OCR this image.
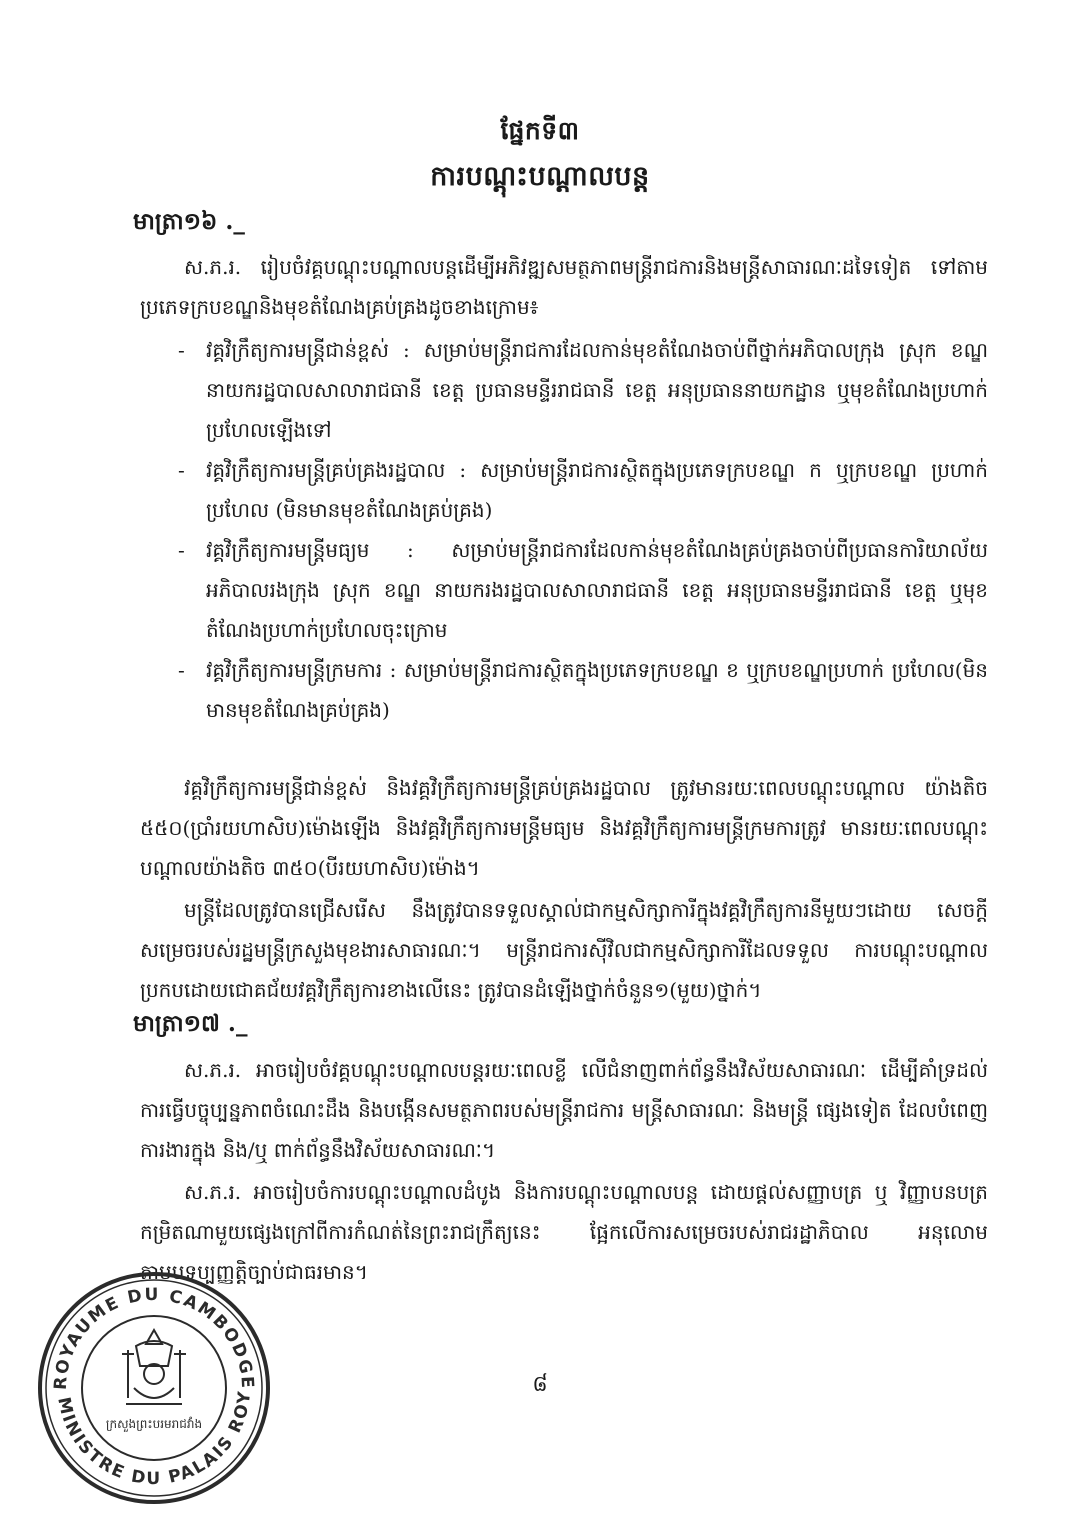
ផ្នែកទី៣
ការបណ្តុះបណ្តាលបន្ត
មាត្រា១៦ ._
ស.ភ.រ. រៀបចំវគ្គបណ្តុះបណ្តាលបន្តដើម្បីអភិវឌ្ឍសមត្ថភាពមន្ត្រីរាជការនិងមន្ត្រីសាធារណៈដទៃទៀត ទៅតាមប្រភេទក្របខណ្ឌនិងមុខតំណែងគ្រប់គ្រងដូចខាងក្រោម៖
-	វគ្គវិក្រឹត្យការមន្ត្រីជាន់ខ្ពស់ : សម្រាប់មន្ត្រីរាជការដែលកាន់មុខតំណែងចាប់ពីថ្នាក់អភិបាលក្រុង ស្រុក ខណ្ឌ នាយករដ្ឋបាលសាលារាជធានី ខេត្ត ប្រធានមន្ទីររាជធានី ខេត្ត អនុប្រធាននាយកដ្ឋាន ឬមុខតំណែងប្រហាក់ប្រហែលឡើងទៅ
-	វគ្គវិក្រឹត្យការមន្ត្រីគ្រប់គ្រងរដ្ឋបាល : សម្រាប់មន្ត្រីរាជការស្ថិតក្នុងប្រភេទក្របខណ្ឌ ក ឬក្របខណ្ឌ ប្រហាក់ប្រហែល (មិនមានមុខតំណែងគ្រប់គ្រង)
-	វគ្គវិក្រឹត្យការមន្ត្រីមធ្យម : សម្រាប់មន្ត្រីរាជការដែលកាន់មុខតំណែងគ្រប់គ្រងចាប់ពីប្រធានការិយាល័យ អភិបាលរងក្រុង ស្រុក ខណ្ឌ នាយករងរដ្ឋបាលសាលារាជធានី ខេត្ត អនុប្រធានមន្ទីររាជធានី ខេត្ត ឬមុខតំណែងប្រហាក់ប្រហែលចុះក្រោម
-	វគ្គវិក្រឹត្យការមន្ត្រីក្រមការ : សម្រាប់មន្ត្រីរាជការស្ថិតក្នុងប្រភេទក្របខណ្ឌ ខ ឬក្របខណ្ឌប្រហាក់ ប្រហែល(មិនមានមុខតំណែងគ្រប់គ្រង)
វគ្គវិក្រឹត្យការមន្ត្រីជាន់ខ្ពស់ និងវគ្គវិក្រឹត្យការមន្ត្រីគ្រប់គ្រងរដ្ឋបាល ត្រូវមានរយៈពេលបណ្តុះបណ្តាល យ៉ាងតិច ៥៥០(ប្រាំរយហាសិប)ម៉ោងឡើង និងវគ្គវិក្រឹត្យការមន្ត្រីមធ្យម និងវគ្គវិក្រឹត្យការមន្ត្រីក្រមការត្រូវ មានរយៈពេលបណ្តុះបណ្តាលយ៉ាងតិច ៣៥០(បីរយហាសិប)ម៉ោង។
មន្ត្រីដែលត្រូវបានជ្រើសរើស នឹងត្រូវបានទទួលស្គាល់ជាកម្មសិក្សាការីក្នុងវគ្គវិក្រឹត្យការនីមួយៗដោយ សេចក្តីសម្រេចរបស់រដ្ឋមន្ត្រីក្រសួងមុខងារសាធារណៈ។ មន្ត្រីរាជការស៊ីវិលជាកម្មសិក្សាការីដែលទទួល ការបណ្តុះបណ្តាលប្រកបដោយជោគជ័យវគ្គវិក្រឹត្យការខាងលើនេះ ត្រូវបានដំឡើងថ្នាក់ចំនួន១(មួយ)ថ្នាក់។
មាត្រា១៧ ._
ស.ភ.រ. អាចរៀបចំវគ្គបណ្តុះបណ្តាលបន្តរយៈពេលខ្លី លើជំនាញពាក់ព័ន្ធនឹងវិស័យសាធារណៈ ដើម្បីគាំទ្រដល់ការធ្វើបច្ចុប្បន្នភាពចំណេះដឹង និងបង្កើនសមត្ថភាពរបស់មន្ត្រីរាជការ មន្ត្រីសាធារណៈ និងមន្ត្រី ផ្សេងទៀត ដែលបំពេញការងារក្នុង និង/ឬ ពាក់ព័ន្ធនឹងវិស័យសាធារណៈ។
ស.ភ.រ. អាចរៀបចំការបណ្តុះបណ្តាលដំបូង និងការបណ្តុះបណ្តាលបន្ត ដោយផ្តល់សញ្ញាបត្រ ឬ វិញ្ញាបនបត្រកម្រិតណាមួយផ្សេងក្រៅពីការកំណត់នៃព្រះរាជក្រឹត្យនេះ ផ្អែកលើការសម្រេចរបស់រាជរដ្ឋាភិបាល អនុលោមតាមបទប្បញ្ញត្តិច្បាប់ជាធរមាន។
៨
ROYAUME DU CAMBODGE
MINISTRE DU PALAIS ROY
ក្រសួងព្រះបរមរាជវាំង
